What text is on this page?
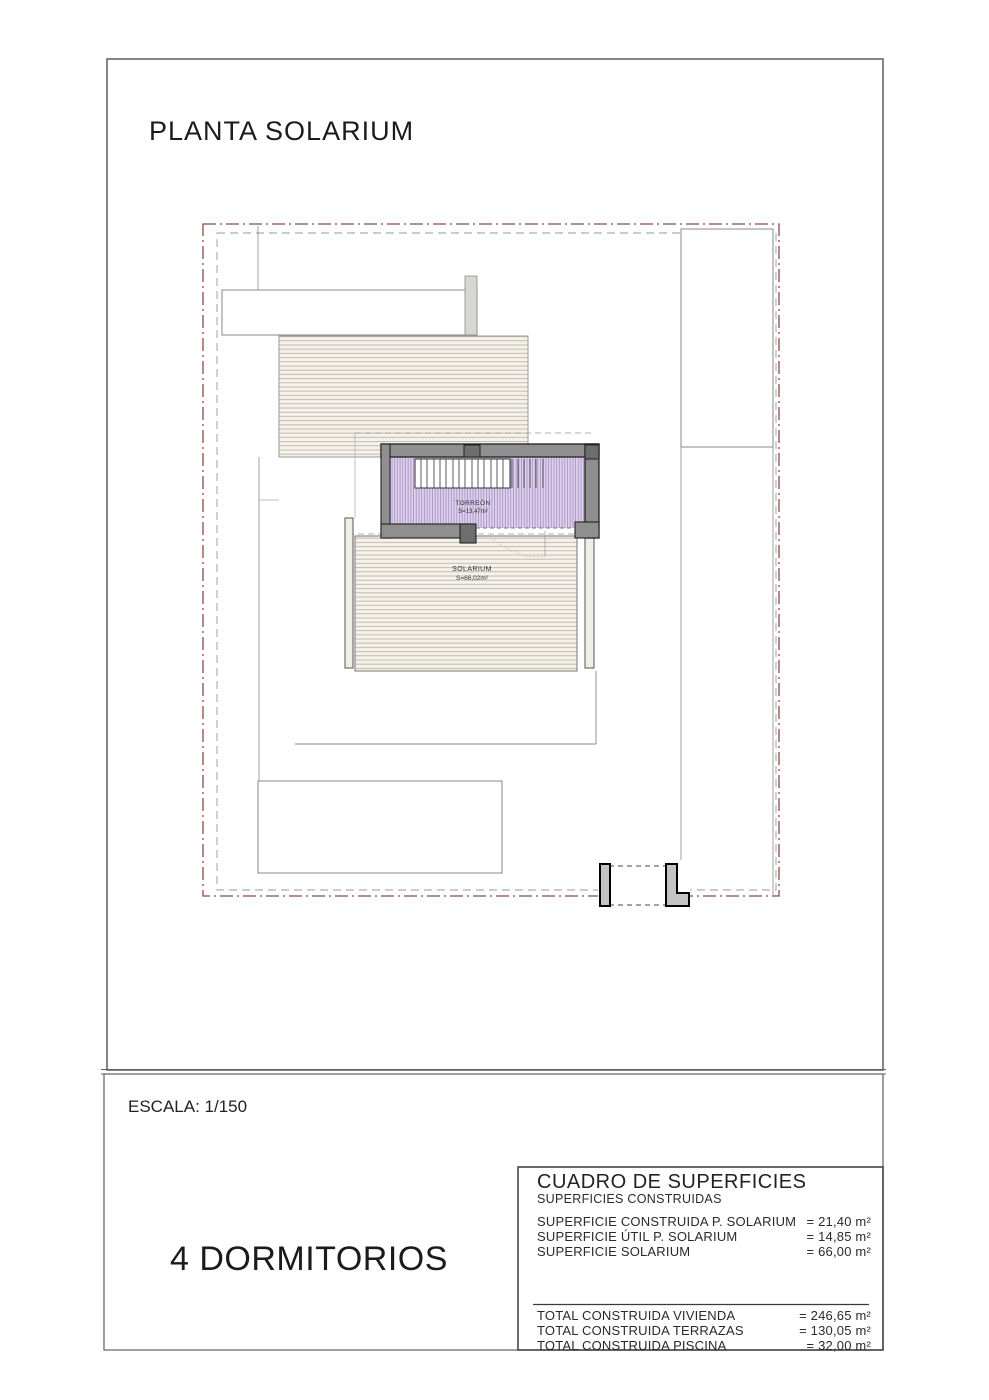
TORREÓN
S=13,47m²
SOLARIUM
S=66,02m²
PLANTA SOLARIUM
ESCALA: 1/150
4 DORMITORIOS
CUADRO DE SUPERFICIES
SUPERFICIES CONSTRUIDAS
SUPERFICIE CONSTRUIDA P. SOLARIUM = 21,40 m²
SUPERFICIE ÚTIL P. SOLARIUM	= 14,85 m²
SUPERFICIE SOLARIUM	= 66,00 m²
TOTAL CONSTRUIDA VIVIENDA	= 246,65 m²
TOTAL CONSTRUIDA TERRAZAS	= 130,05 m²
TOTAL CONSTRUIDA PISCINA	= 32,00 m²
